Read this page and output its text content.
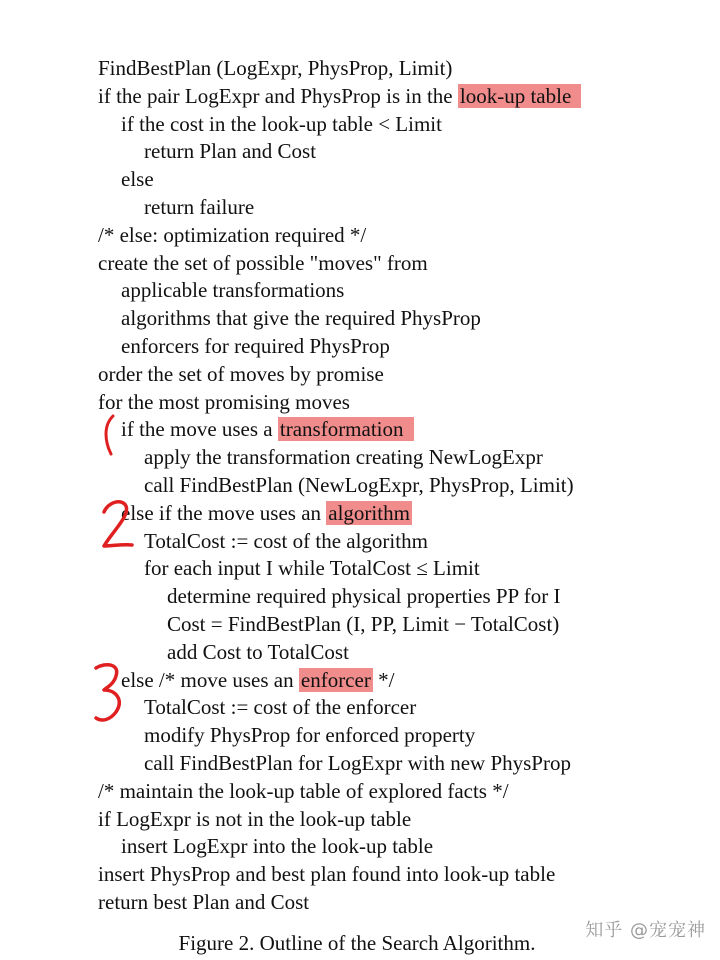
FindBestPlan (LogExpr, PhysProp, Limit)
if the pair LogExpr and PhysProp is in the look-up table
if the cost in the look-up table < Limit
return Plan and Cost
else
return failure
/* else: optimization required */
create the set of possible "moves" from
applicable transformations
algorithms that give the required PhysProp
enforcers for required PhysProp
order the set of moves by promise
for the most promising moves
if the move uses a transformation
apply the transformation creating NewLogExpr
call FindBestPlan (NewLogExpr, PhysProp, Limit)
else if the move uses an algorithm
TotalCost := cost of the algorithm
for each input I while TotalCost ≤ Limit
determine required physical properties PP for I
Cost = FindBestPlan (I, PP, Limit − TotalCost)
add Cost to TotalCost
else /* move uses an enforcer */
TotalCost := cost of the enforcer
modify PhysProp for enforced property
call FindBestPlan for LogExpr with new PhysProp
/* maintain the look-up table of explored facts */
if LogExpr is not in the look-up table
insert LogExpr into the look-up table
insert PhysProp and best plan found into look-up table
return best Plan and Cost
Figure 2. Outline of the Search Algorithm.
知乎 @宠宠神
